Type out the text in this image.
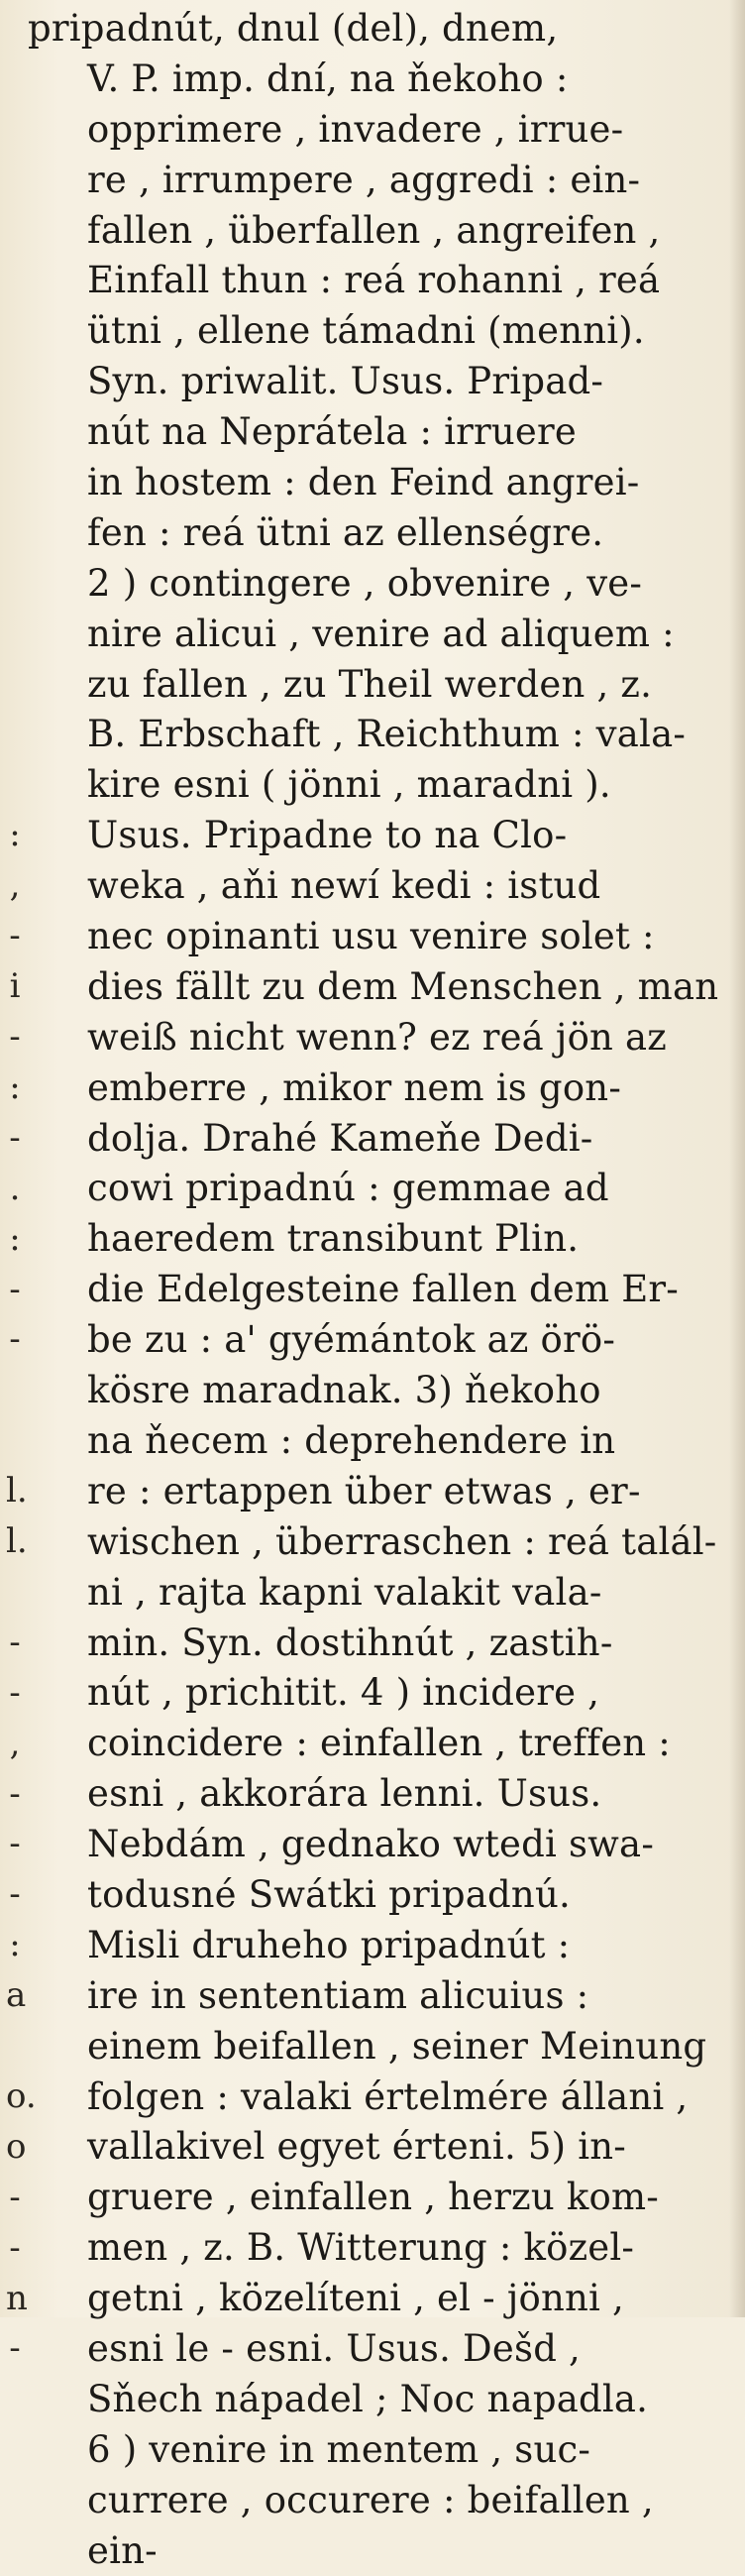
:
,
-
i
-
:
-
.
:
-
-
l.
l.
-
-
,
-
-
-
:
a
o.
o
-
-
n
-
pripadnút, dnul (del), dnem,
V. P. imp. dní, na ňekoho :
opprimere , invadere , irrue-
re , irrumpere , aggredi : ein-
fallen , überfallen , angreifen ,
Einfall thun : reá rohanni , reá
ütni , ellene támadni (menni).
Syn. priwalit. Usus. Pripad-
nút na Neprátela : irruere
in hostem : den Feind angrei-
fen : reá ütni az ellenségre.
2 ) contingere , obvenire , ve-
nire alicui , venire ad aliquem :
zu fallen , zu Theil werden , z.
B. Erbschaft , Reichthum : vala-
kire esni ( jönni , maradni ).
Usus. Pripadne to na Clo-
weka , aňi newí kedi : istud
nec opinanti usu venire solet :
dies fällt zu dem Menschen , man
weiß nicht wenn? ez reá jön az
emberre , mikor nem is gon-
dolja. Drahé Kameňe Dedi-
cowi pripadnú : gemmae ad
haeredem transibunt Plin.
die Edelgesteine fallen dem Er-
be zu : a' gyémántok az örö-
kösre maradnak. 3) ňekoho
na ňecem : deprehendere in
re : ertappen über etwas , er-
wischen , überraschen : reá talál-
ni , rajta kapni valakit vala-
min. Syn. dostihnút , zastih-
nút , prichitit. 4 ) incidere ,
coincidere : einfallen , treffen :
esni , akkorára lenni. Usus.
Nebdám , gednako wtedi swa-
todusné Swátki pripadnú.
Misli druheho pripadnút :
ire in sententiam alicuius :
einem beifallen , seiner Meinung
folgen : valaki értelmére állani ,
vallakivel egyet érteni. 5) in-
gruere , einfallen , herzu kom-
men , z. B. Witterung : közel-
getni , közelíteni , el - jönni ,
esni le - esni. Usus. Dešd ,
Sňech nápadel ; Noc napadla.
6 ) venire in mentem , suc-
currere , occurere : beifallen ,
ein-
